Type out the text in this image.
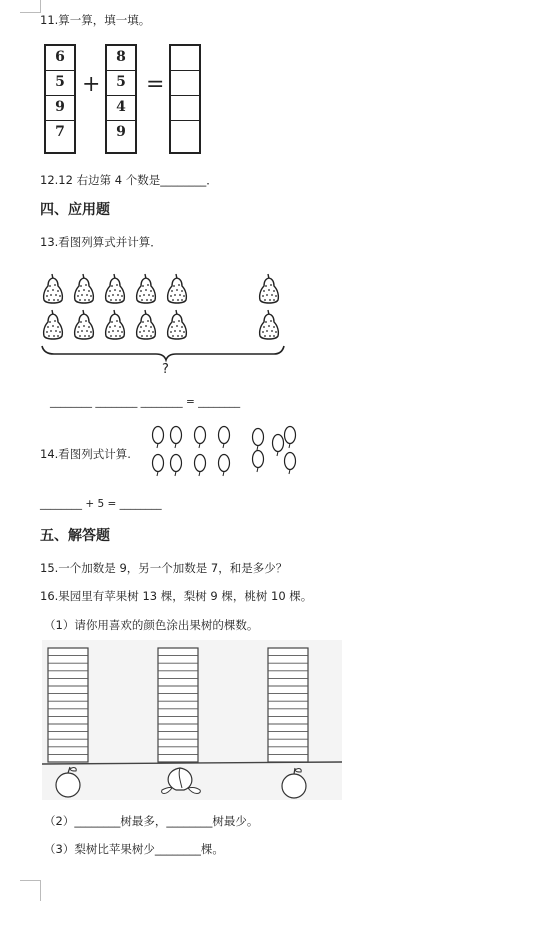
11.算一算，填一填。
6
5
9
7
+
8
5
4
9
=
12.12 右边第 4 个数是________．
四、应用题
13.看图列算式并计算．
?
________ ________ ________ = ________
14.看图列式计算.
________ + 5 = ________
五、解答题
15.一个加数是 9，另一个加数是 7，和是多少？
16.果园里有苹果树 13 棵，梨树 9 棵，桃树 10 棵。
（1）请你用喜欢的颜色涂出果树的棵数。
（2）________树最多，________树最少。
（3）梨树比苹果树少________棵。
